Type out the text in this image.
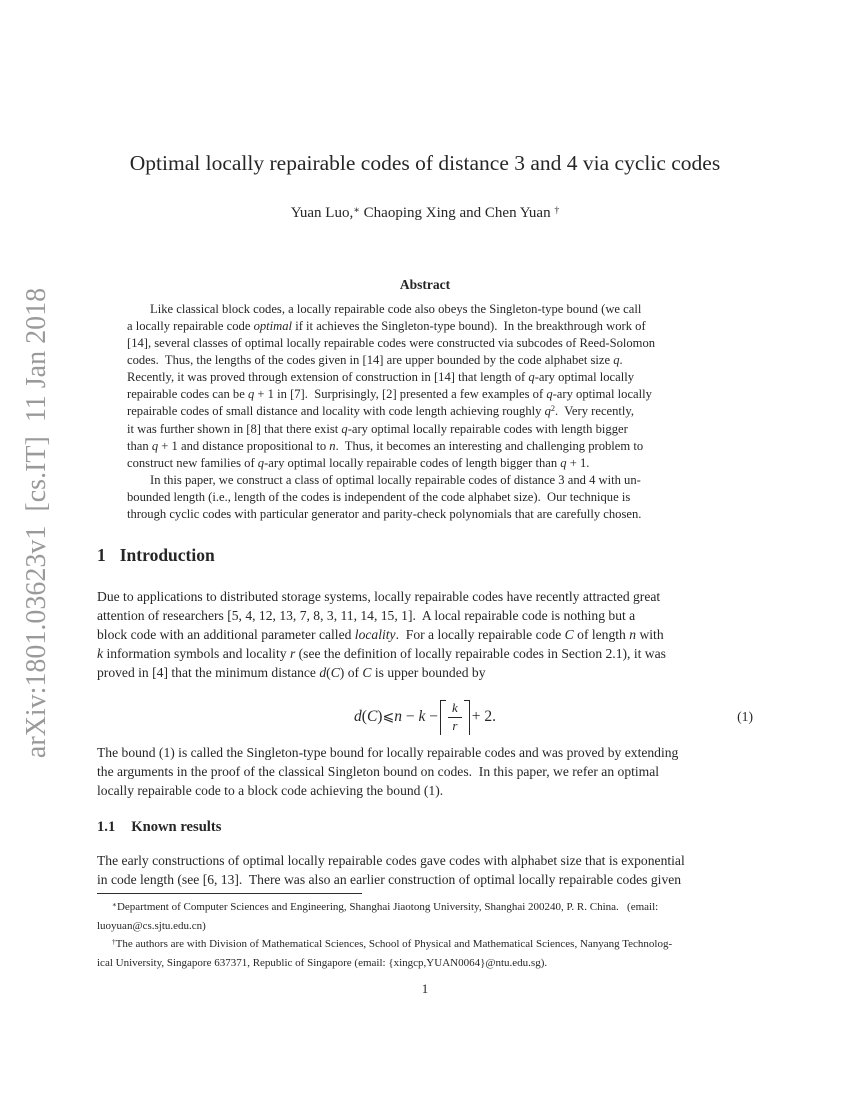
arXiv:1801.03623v1  [cs.IT]  11 Jan 2018
Optimal locally repairable codes of distance 3 and 4 via cyclic codes
Yuan Luo,∗ Chaoping Xing and Chen Yuan †
Abstract
Like classical block codes, a locally repairable code also obeys the Singleton-type bound (we call
a locally repairable code optimal if it achieves the Singleton-type bound).  In the breakthrough work of
[14], several classes of optimal locally repairable codes were constructed via subcodes of Reed-Solomon
codes.  Thus, the lengths of the codes given in [14] are upper bounded by the code alphabet size q.
Recently, it was proved through extension of construction in [14] that length of q-ary optimal locally
repairable codes can be q + 1 in [7].  Surprisingly, [2] presented a few examples of q-ary optimal locally
repairable codes of small distance and locality with code length achieving roughly $q^2$.  Very recently,
it was further shown in [8] that there exist q-ary optimal locally repairable codes with length bigger
than q + 1 and distance propositional to n.  Thus, it becomes an interesting and challenging problem to
construct new families of q-ary optimal locally repairable codes of length bigger than q + 1.
In this paper, we construct a class of optimal locally repairable codes of distance 3 and 4 with un-
bounded length (i.e., length of the codes is independent of the code alphabet size).  Our technique is
through cyclic codes with particular generator and parity-check polynomials that are carefully chosen.
1 Introduction
Due to applications to distributed storage systems, locally repairable codes have recently attracted great
attention of researchers [5, 4, 12, 13, 7, 8, 3, 11, 14, 15, 1].  A local repairable code is nothing but a
block code with an additional parameter called locality.  For a locally repairable code C of length n with
k information symbols and locality r (see the definition of locally repairable codes in Section 2.1), it was
proved in [4] that the minimum distance d(C) of C is upper bounded by
d(C) ⩽ $n - k - \frac{k}{r} + 2$.	(1)
The bound (1) is called the Singleton-type bound for locally repairable codes and was proved by extending
the arguments in the proof of the classical Singleton bound on codes.  In this paper, we refer an optimal
locally repairable code to a block code achieving the bound (1).
1.1 Known results
The early constructions of optimal locally repairable codes gave codes with alphabet size that is exponential
in code length (see [6, 13].  There was also an earlier construction of optimal locally repairable codes given
∗Department of Computer Sciences and Engineering, Shanghai Jiaotong University, Shanghai 200240, P. R. China.   (email:
luoyuan@cs.sjtu.edu.cn)
†The authors are with Division of Mathematical Sciences, School of Physical and Mathematical Sciences, Nanyang Technolog-
ical University, Singapore 637371, Republic of Singapore (email: {xingcp,YUAN0064}@ntu.edu.sg).
1
